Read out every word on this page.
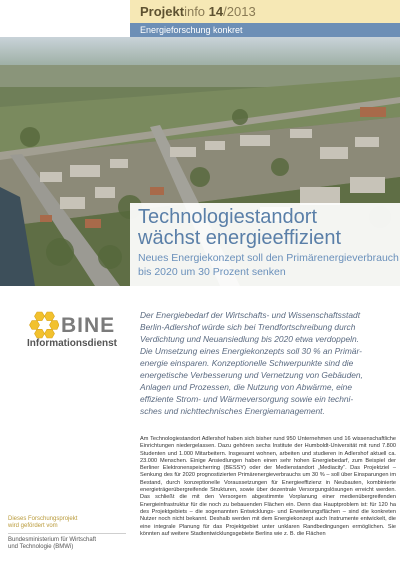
Projektinfo 14/2013
Energieforschung konkret
Technologiestandort
wächst energieeffizient
Neues Energiekonzept soll den Primärenergieverbrauch
bis 2020 um 30 Prozent senken
BINE
Informationsdienst

Der Energiebedarf der Wirtschafts- und Wissenschaftsstadt

Berlin-Adlershof würde sich bei Trendfortschreibung durch

Verdichtung und Neuansiedlung bis 2020 etwa verdoppeln.

Die Umsetzung eines Energiekonzepts soll 30 % an Primär-

energie einsparen. Konzeptionelle Schwerpunkte sind die

energetische Verbesserung und Vernetzung von Gebäuden,

Anlagen und Prozessen, die Nutzung von Abwärme, eine

effiziente Strom- und Wärmeversorgung sowie ein techni-

sches und nichttechnisches Energiemanagement.

Am Technologiestandort Adlershof haben sich bisher rund 950 Unternehmen und 16 wissenschaftliche Einrichtungen niedergelassen. Dazu gehören sechs Institute der Humboldt-Universität mit rund 7.800 Studenten und 1.000 Mitarbeitern. Insgesamt wohnen, arbeiten und studieren in Adlershof aktuell ca. 23.000 Menschen. Einige Ansiedlungen haben einen sehr hohen Energiebedarf, zum Beispiel der Berliner Elektronenspeicherring (BESSY) oder der Medienstandort „Mediacity“. Das Projektziel – Senkung des für 2020 prognostizierten Primärenergieverbrauchs um 30 % – soll über Einsparungen im Bestand, durch konzeptionelle Voraussetzungen für Energieeffizienz in Neubauten, kombinierte energieträgerübergreifende Strukturen, sowie über dezentrale Versorgungslösungen erreicht werden. Das schließt die mit den Versorgern abgestimmte Vorplanung einer medienübergreifenden Energieinfrastruktur für die noch zu bebauenden Flächen ein. Denn das Hauptproblem ist: für 120 ha des Projektgebiets – die sogenannten Entwicklungs- und Erweiterungsflächen – sind die konkreten Nutzer noch nicht bekannt. Deshalb werden mit dem Energiekonzept auch Instrumente entwickelt, die eine integrale Planung für das Projektgebiet unter unklaren Randbedingungen ermöglichen. Sie könnten auf weitere Stadtentwicklungsgebiete Berlins wie z. B. die Flächen

Dieses Forschungsprojekt
wird gefördert vom
Bundesministerium für Wirtschaft
und Technologie (BMWi)
